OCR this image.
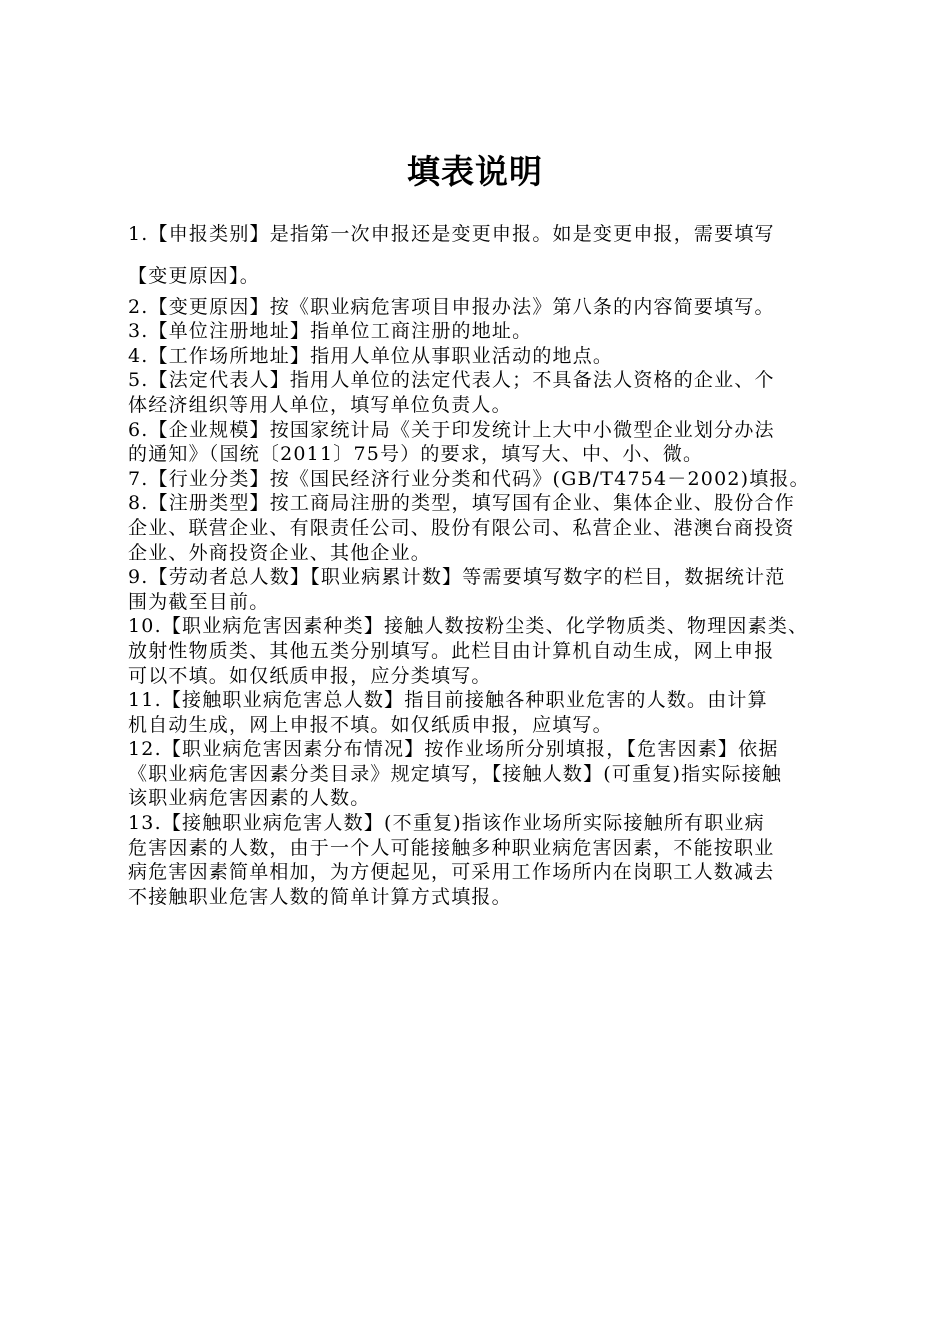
填表说明
1.【申报类别】是指第一次申报还是变更申报。如是变更申报，需要填写
【变更原因】。
2.【变更原因】按《职业病危害项目申报办法》第八条的内容简要填写。
3.【单位注册地址】指单位工商注册的地址。
4.【工作场所地址】指用人单位从事职业活动的地点。
5.【法定代表人】指用人单位的法定代表人；不具备法人资格的企业、个
体经济组织等用人单位，填写单位负责人。
6.【企业规模】按国家统计局《关于印发统计上大中小微型企业划分办法
的通知》（国统〔2011〕75号）的要求，填写大、中、小、微。
7.【行业分类】按《国民经济行业分类和代码》(GB/T4754－2002)填报。
8.【注册类型】按工商局注册的类型，填写国有企业、集体企业、股份合作
企业、联营企业、有限责任公司、股份有限公司、私营企业、港澳台商投资
企业、外商投资企业、其他企业。
9.【劳动者总人数】【职业病累计数】等需要填写数字的栏目，数据统计范
围为截至目前。
10.【职业病危害因素种类】接触人数按粉尘类、化学物质类、物理因素类、
放射性物质类、其他五类分别填写。此栏目由计算机自动生成，网上申报
可以不填。如仅纸质申报，应分类填写。
11.【接触职业病危害总人数】指目前接触各种职业危害的人数。由计算
机自动生成，网上申报不填。如仅纸质申报，应填写。
12.【职业病危害因素分布情况】按作业场所分别填报，【危害因素】依据
《职业病危害因素分类目录》规定填写，【接触人数】(可重复)指实际接触
该职业病危害因素的人数。
13.【接触职业病危害人数】(不重复)指该作业场所实际接触所有职业病
危害因素的人数，由于一个人可能接触多种职业病危害因素，不能按职业
病危害因素简单相加，为方便起见，可采用工作场所内在岗职工人数减去
不接触职业危害人数的简单计算方式填报。
